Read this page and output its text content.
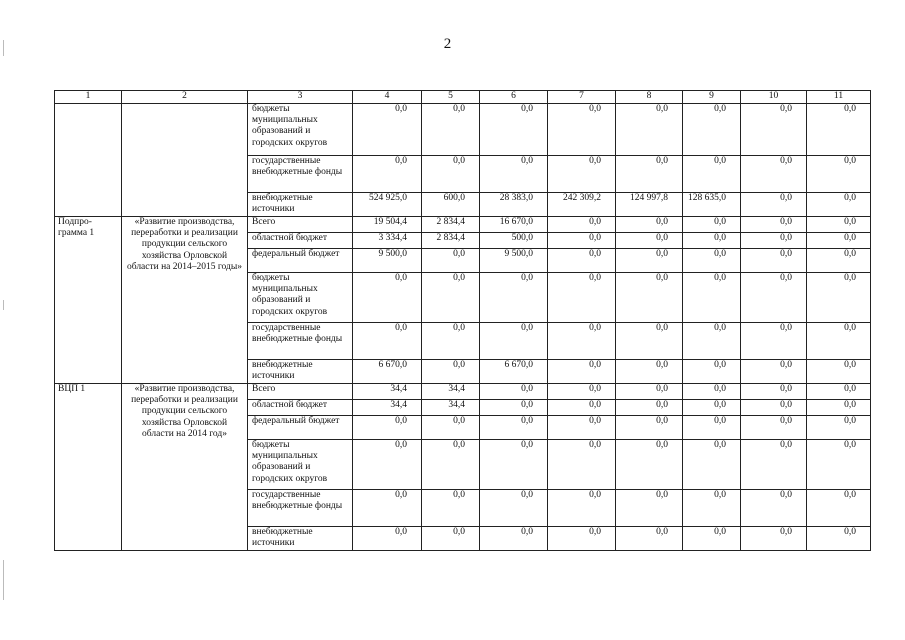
2
1	2	3	4	5	6	7	8	9	10	11
		бюджеты муниципальных образований и городских округов	0,0	0,0	0,0	0,0	0,0	0,0	0,0	0,0
		государственные внебюджетные фонды	0,0	0,0	0,0	0,0	0,0	0,0	0,0	0,0
		внебюджетные источники	524 925,0	600,0	28 383,0	242 309,2	124 997,8	128 635,0	0,0	0,0
Подпро-грамма 1	«Развитие производства, переработки и реализации продукции сельского хозяйства Орловской области на 2014–2015 годы»	Всего	19 504,4	2 834,4	16 670,0	0,0	0,0	0,0	0,0	0,0
		областной бюджет	3 334,4	2 834,4	500,0	0,0	0,0	0,0	0,0	0,0
		федеральный бюджет	9 500,0	0,0	9 500,0	0,0	0,0	0,0	0,0	0,0
		бюджеты муниципальных образований и городских округов	0,0	0,0	0,0	0,0	0,0	0,0	0,0	0,0
		государственные внебюджетные фонды	0,0	0,0	0,0	0,0	0,0	0,0	0,0	0,0
		внебюджетные источники	6 670,0	0,0	6 670,0	0,0	0,0	0,0	0,0	0,0
ВЦП 1	«Развитие производства, переработки и реализации продукции сельского хозяйства Орловской области на 2014 год»	Всего	34,4	34,4	0,0	0,0	0,0	0,0	0,0	0,0
		областной бюджет	34,4	34,4	0,0	0,0	0,0	0,0	0,0	0,0
		федеральный бюджет	0,0	0,0	0,0	0,0	0,0	0,0	0,0	0,0
		бюджеты муниципальных образований и городских округов	0,0	0,0	0,0	0,0	0,0	0,0	0,0	0,0
		государственные внебюджетные фонды	0,0	0,0	0,0	0,0	0,0	0,0	0,0	0,0
		внебюджетные источники	0,0	0,0	0,0	0,0	0,0	0,0	0,0	0,0
